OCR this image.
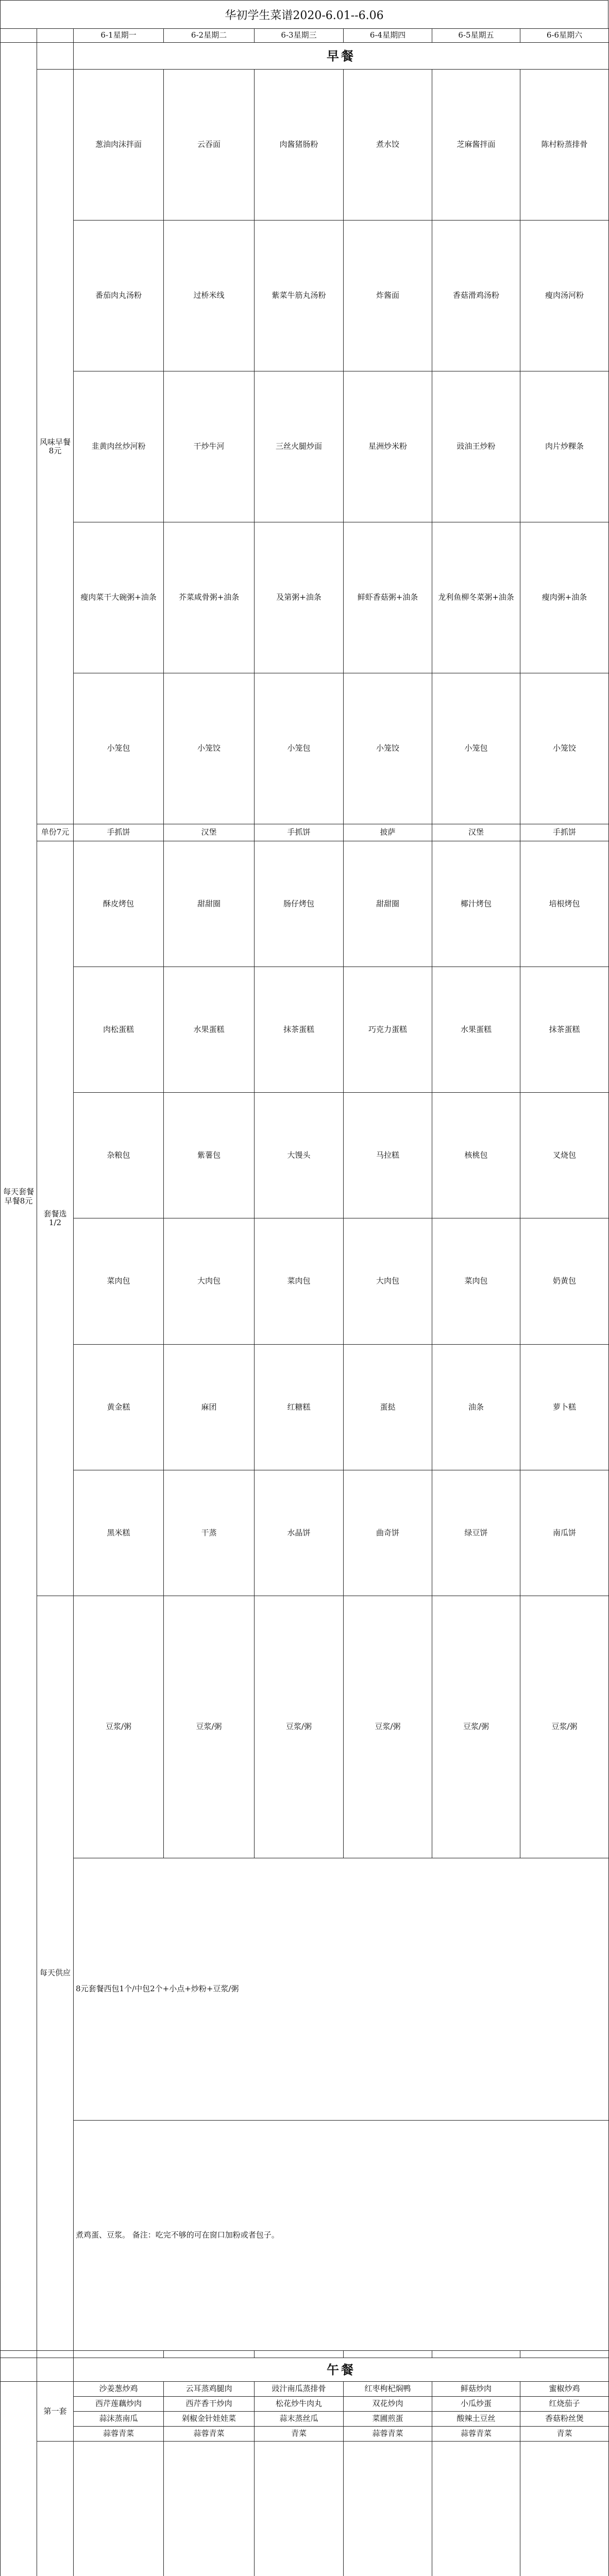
华初学生菜谱2020-6.01--6.06
		6-1星期一	6-2星期二	6-3星期三	6-4星期四	6-5星期五	6-6星期六
每天套餐早餐8元		早餐					
	风味早餐8元	葱油肉沫拌面	云吞面	肉酱猪肠粉	煮水饺	芝麻酱拌面	陈村粉蒸排骨
		番茄肉丸汤粉	过桥米线	紫菜牛筋丸汤粉	炸酱面	香菇滑鸡汤粉	瘦肉汤河粉
		韭黄肉丝炒河粉	干炒牛河	三丝火腿炒面	星洲炒米粉	豉油王炒粉	肉片炒粿条
		瘦肉菜干大碗粥+油条	芥菜咸骨粥+油条	及第粥+油条	鲜虾香菇粥+油条	龙利鱼柳冬菜粥+油条	瘦肉粥+油条
		小笼包	小笼饺	小笼包	小笼饺	小笼包	小笼饺
	单份7元	手抓饼	汉堡	手抓饼	披萨	汉堡	手抓饼
	套餐选1/2	酥皮烤包	甜甜圈	肠仔烤包	甜甜圈	椰汁烤包	培根烤包
		肉松蛋糕	水果蛋糕	抹茶蛋糕	巧克力蛋糕	水果蛋糕	抹茶蛋糕
		杂粮包	紫薯包	大馒头	马拉糕	核桃包	叉烧包
		菜肉包	大肉包	菜肉包	大肉包	菜肉包	奶黄包
		黄金糕	麻团	红糖糕	蛋挞	油条	萝卜糕
		黑米糕	干蒸	水晶饼	曲奇饼	绿豆饼	南瓜饼
	每天供应	豆浆/粥	豆浆/粥	豆浆/粥	豆浆/粥	豆浆/粥	豆浆/粥
		8元套餐西包1个/中包2个+小点+炒粉+豆浆/粥					
		煮鸡蛋、豆浆。 备注：吃完不够的可在窗口加粉或者包子。					

		午餐					
	第一套	沙姜葱炒鸡	云耳蒸鸡腿肉	豉汁南瓜蒸排骨	红枣枸杞焖鸭	鲜菇炒肉	蜜椒炒鸡
		西芹莲藕炒肉	西芹香干炒肉	松花炒牛肉丸	双花炒肉	小瓜炒蛋	红烧茄子
		蒜沫蒸南瓜	剁椒金针娃娃菜	蒜末蒸丝瓜	菜圃煎蛋	酸辣土豆丝	香菇粉丝煲
		蒜蓉青菜	蒜蓉青菜	青菜	蒜蓉青菜	蒜蓉青菜	青菜
